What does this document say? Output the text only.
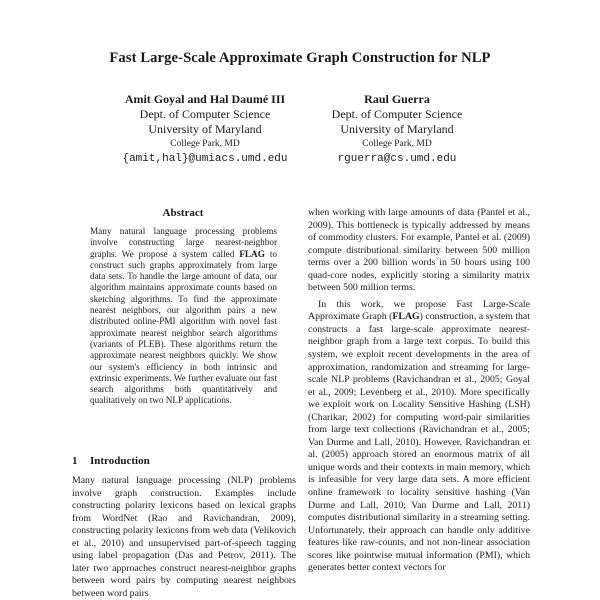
Fast Large-Scale Approximate Graph Construction for NLP
Amit Goyal and Hal Daumé III
Dept. of Computer Science
University of Maryland
College Park, MD
{amit,hal}@umiacs.umd.edu
Raul Guerra
Dept. of Computer Science
University of Maryland
College Park, MD
rguerra@cs.umd.edu
Abstract
Many natural language processing problems involve constructing large nearest-neighbor graphs. We propose a system called FLAG to construct such graphs approximately from large data sets. To handle the large amount of data, our algorithm maintains approximate counts based on sketching algorithms. To find the approximate nearest neighbors, our algorithm pairs a new distributed online-PMI algorithm with novel fast approximate nearest neighbor search algorithms (variants of PLEB). These algorithms return the approximate nearest neighbors quickly. We show our system's efficiency in both intrinsic and extrinsic experiments. We further evaluate our fast search algorithms both quantitatively and qualitatively on two NLP applications.
1 Introduction
Many natural language processing (NLP) problems involve graph construction. Examples include constructing polarity lexicons based on lexical graphs from WordNet (Rao and Ravichandran, 2009), constructing polarity lexicons from web data (Velikovich et al., 2010) and unsupervised part-of-speech tagging using label propagation (Das and Petrov, 2011). The later two approaches construct nearest-neighbor graphs between word pairs by computing nearest neighbors between word pairs

when working with large amounts of data (Pantel et al., 2009). This bottleneck is typically addressed by means of commodity clusters. For example, Pantel et al. (2009) compute distributional similarity between 500 million terms over a 200 billion words in 50 hours using 100 quad-core nodes, explicitly storing a similarity matrix between 500 million terms.

In this work, we propose Fast Large-Scale Approximate Graph (FLAG) construction, a system that constructs a fast large-scale approximate nearest-neighbor graph from a large text corpus. To build this system, we exploit recent developments in the area of approximation, randomization and streaming for large-scale NLP problems (Ravichandran et al., 2005; Goyal et al., 2009; Levenberg et al., 2010). More specifically we exploit work on Locality Sensitive Hashing (LSH) (Charikar, 2002) for computing word-pair similarities from large text collections (Ravichandran et al., 2005; Van Durme and Lall, 2010). However, Ravichandran et al. (2005) approach stored an enormous matrix of all unique words and their contexts in main memory, which is infeasible for very large data sets. A more efficient online framework to locality sensitive hashing (Van Durme and Lall, 2010; Van Durme and Lall, 2011) computes distributional similarity in a streaming setting. Unfortunately, their approach can handle only additive features like raw-counts, and not non-linear association scores like pointwise mutual information (PMI), which generates better context vectors for
